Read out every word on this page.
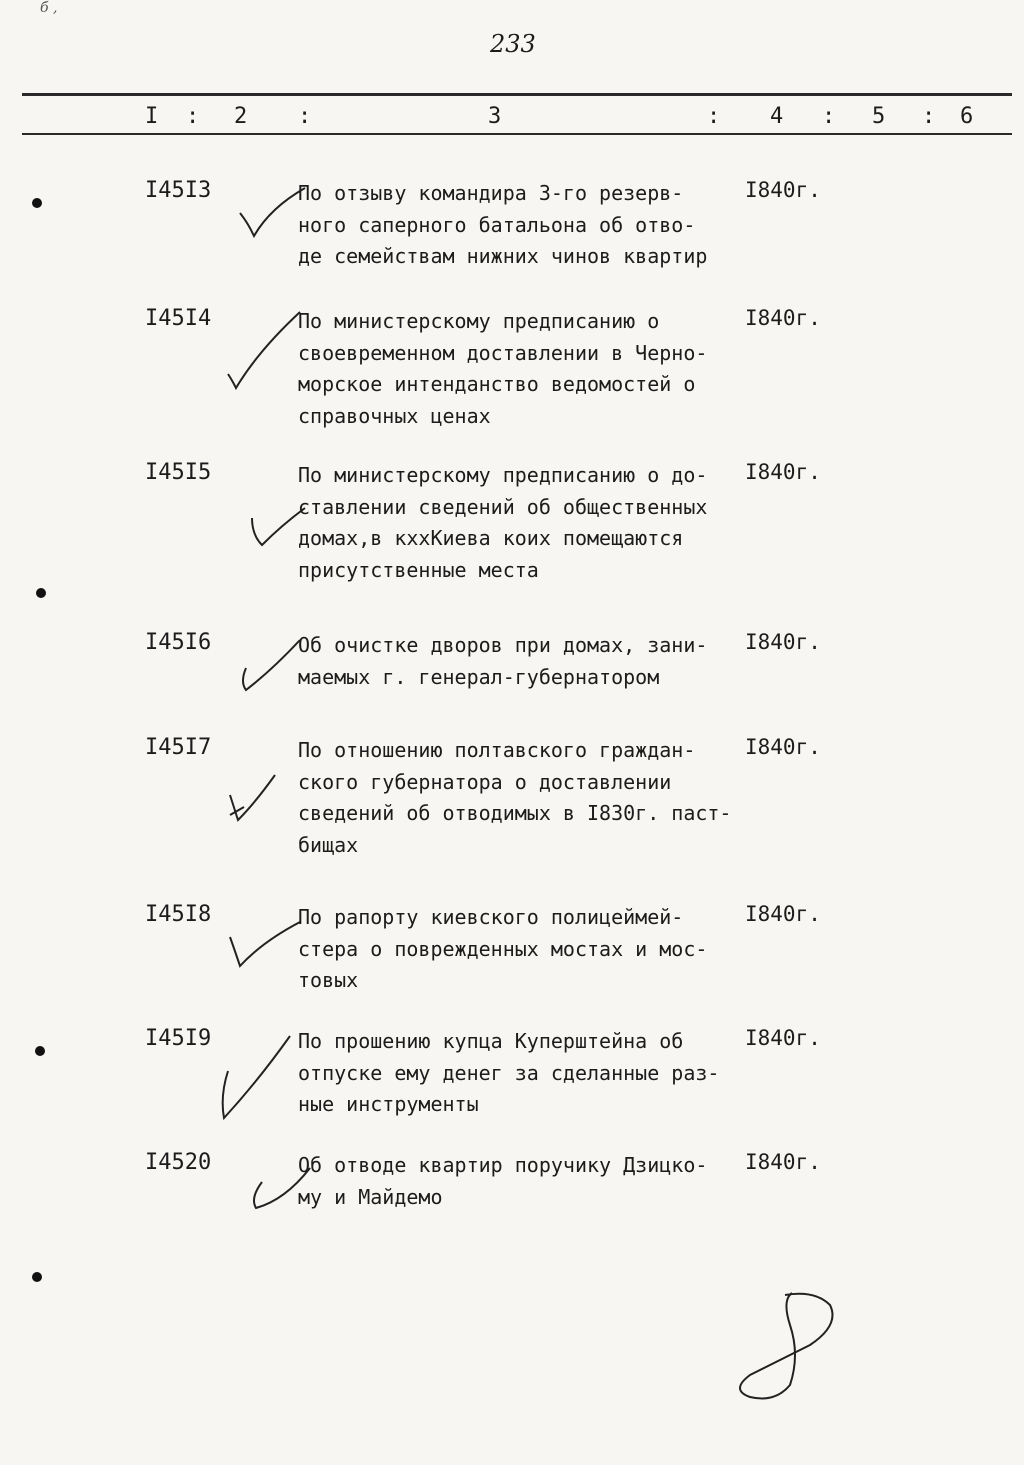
б ,
233
I : 2 :	3	: 4 : 5 : 6
I45I3	По отзыву командира 3-го резерв-
ного саперного батальона об отво-
де семействам нижних чинов квартир
I840г.
I45I4	По министерскому предписанию о
своевременном доставлении в Черно-
морское интенданство ведомостей о
справочных ценах
I840г.
I45I5	По министерскому предписанию о до-
ставлении сведений об общественных
домах,в кххКиева коих помещаются
присутственные места
I840г.
I45I6	Об очистке дворов при домах, зани-
маемых г. генерал-губернатором
I840г.
I45I7	По отношению полтавского граждан-
ского губернатора о доставлении
сведений об отводимых в I830г. паст-
бищах
I840г.
I45I8	По рапорту киевского полицеймей-
стера о поврежденных мостах и мос-
товых
I840г.
I45I9	По прошению купца Куперштейна об
отпуске ему денег за сделанные раз-
ные инструменты
I840г.
I4520	Об отводе квартир поручику Дзицко-
му и Майдемо
I840г.
